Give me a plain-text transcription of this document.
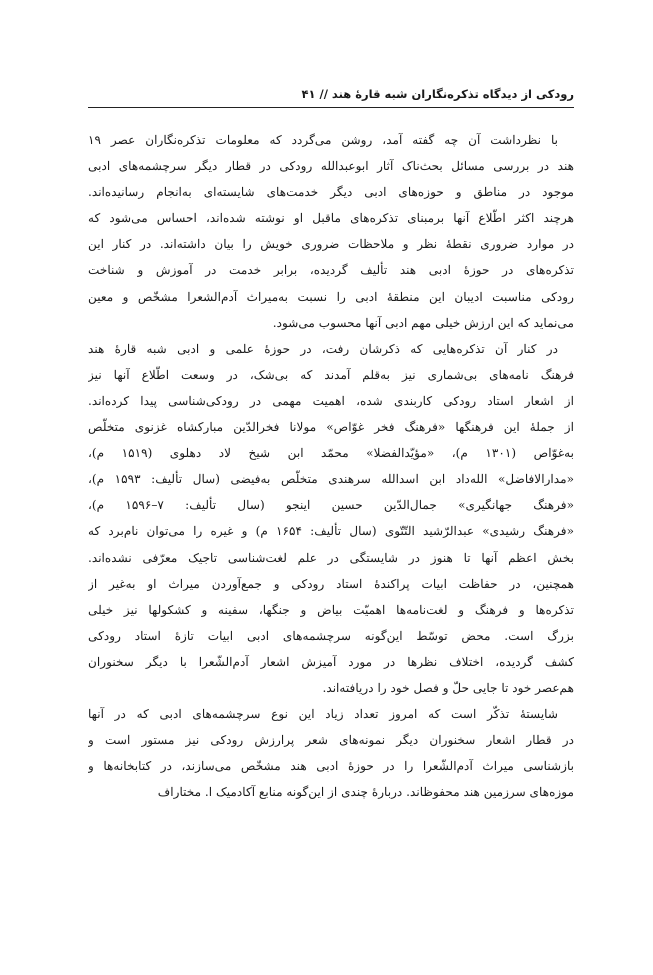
رودکی از دیدگاه تذکره‌نگاران شبه قارهٔ هند // ۴۱
با نظرداشت آن چه گفته آمد، روشن می‌گردد که معلومات تذکره‌نگاران عصر ۱۹
هند در بررسی مسائل بحث‌ناک آثار ابوعبدالله رودکی در قطار دیگر سرچشمه‌های ادبی
موجود در مناطق و حوزه‌های ادبی دیگر خدمت‌های شایسته‌ای به‌انجام رسانیده‌اند.
هرچند اکثر اطّلاع آنها برمبنای تذکره‌های ماقبل او نوشته شده‌اند، احساس می‌شود که
در موارد ضروری نقطهٔ نظر و ملاحظات ضروری خویش را بیان داشته‌اند. در کنار این
تذکره‌های در حوزهٔ ادبی هند تألیف گردیده، برابر خدمت در آموزش و شناخت
رودکی مناسبت ادیبان این منطقهٔ ادبی را نسبت به‌میراث آدم‌الشعرا مشخّص و معین
می‌نماید که این ارزش خیلی مهم ادبی آنها محسوب می‌شود.
در کنار آن تذکره‌هایی که ذکرشان رفت، در حوزهٔ علمی و ادبی شبه قارهٔ هند
فرهنگ نامه‌های بی‌شماری نیز به‌قلم آمدند که بی‌شک، در وسعت اطّلاع آنها نیز
از اشعار استاد رودکی کاربندی شده، اهمیت مهمی در رودکی‌شناسی پیدا کرده‌اند.
از جملهٔ این فرهنگها «فرهنگ فخر غوّاص» مولانا فخرالدّین مبارکشاه غزنوی متخلّص
به‌غوّاص (۱۳۰۱ م)، «مؤیّدالفضلا» محمّد ابن شیخ لاد دهلوی (۱۵۱۹ م)،
«مدارالافاضل» الله‌داد ابن اسدالله سرهندی متخلّص به‌فیضی (سال تألیف: ۱۵۹۳ م)،
«فرهنگ جهانگیری» جمال‌الدّین حسین اینجو (سال تألیف: ۷–۱۵۹۶ م)،
«فرهنگ رشیدی» عبدالرّشید التّتّوی (سال تألیف: ۱۶۵۴ م) و غیره را می‌توان نام‌برد که
بخش اعظم آنها تا هنوز در شایستگی در علم لغت‌شناسی تاجیک معرّفی نشده‌اند.
همچنین، در حفاظت ابیات پراکندهٔ استاد رودکی و جمع‌آوردن میراث او به‌غیر از
تذکره‌ها و فرهنگ و لغت‌نامه‌ها اهمیّت بیاض و جنگها، سفینه و کشکولها نیز خیلی
بزرگ است. محض توسّط این‌گونه سرچشمه‌های ادبی ابیات تازهٔ استاد رودکی
کشف گردیده، اختلاف نظرها در مورد آمیزش اشعار آدم‌الشّعرا با دیگر سخنوران
هم‌عصر خود تا جایی حلّ و فصل خود را دریافته‌اند.
شایستهٔ تذکّر است که امروز تعداد زیاد این نوع سرچشمه‌های ادبی که در آنها
در قطار اشعار سخنوران دیگر نمونه‌های شعر پرارزش رودکی نیز مستور است و
بازشناسی میراث آدم‌الشّعرا را در حوزهٔ ادبی هند مشخّص می‌سازند، در کتابخانه‌ها و
موزه‌های سرزمین هند محفوظاند. دربارهٔ چندی از این‌گونه منابع آکادمیک ا. مختاراف
